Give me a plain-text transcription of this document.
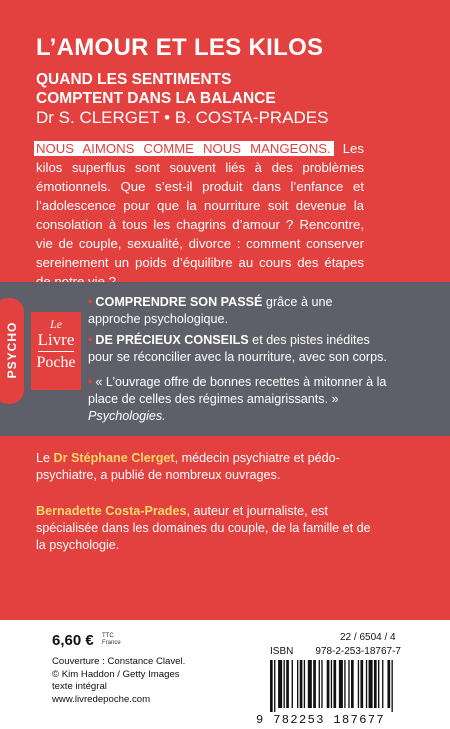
L’AMOUR ET LES KILOS
QUAND LES SENTIMENTS
COMPTENT DANS LA BALANCE
Dr S. CLERGET • B. COSTA-PRADES
NOUS AIMONS COMME NOUS MANGEONS. Les kilos superflus sont souvent liés à des problèmes émotionnels. Que s’est-il produit dans l’enfance et l’adolescence pour que la nourriture soit devenue la consolation à tous les chagrins d’amour ? Rencontre, vie de couple, sexualité, divorce : comment conserver sereinement un poids d’équilibre au cours des étapes
• COMPRENDRE SON PASSÉ grâce à une approche psychologique.
• DE PRÉCIEUX CONSEILS et des pistes inédites pour se réconcilier avec la nourriture, avec son corps.
• « L’ouvrage offre de bonnes recettes à mitonner à la place de celles des régimes amaigrissants. » Psychologies.
PSYCHO	Le
Livre
Poche
Le Dr Stéphane Clerget, médecin psychiatre et pédo-psychiatre, a publié de nombreux ouvrages.
Bernadette Costa-Prades, auteur et journaliste, est spécialisée dans les domaines du couple, de la famille et de la psychologie.
6,60 € TTC
France
Couverture : Constance Clavel.
© Kim Haddon / Getty Images
texte intégral
www.livredepoche.com
22 / 6504 / 4
ISBN 978-2-253-18767-7
9 782253 187677
